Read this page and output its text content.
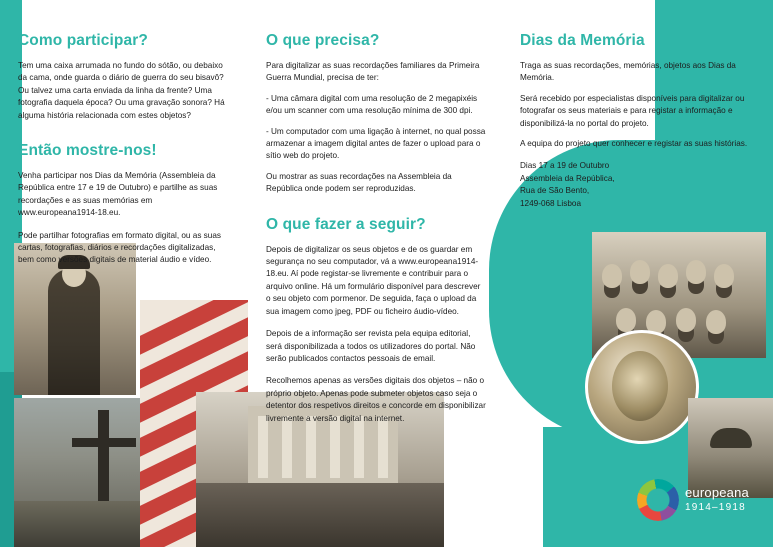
Como participar?

Tem uma caixa arrumada no fundo do sótão, ou debaixo da cama, onde guarda o diário de guerra do seu bisavô? Ou talvez uma carta enviada da linha da frente? Uma fotografia daquela época? Ou uma gravação sonora? Há alguma história relacionada com estes objetos?

Então mostre-nos!

Venha participar nos Dias da Memória (Assembleia da República entre 17 e 19 de Outubro) e partilhe as suas recordações e as suas memórias em www.europeana1914-18.eu.

Pode partilhar fotografias em formato digital, ou as suas cartas, fotografias, diários e recordações digitalizadas, bem como versões digitais de material áudio e vídeo.

O que precisa?

Para digitalizar as suas recordações familiares da Primeira Guerra Mundial, precisa de ter:

- Uma câmara digital com uma resolução de 2 megapixéis e/ou um scanner com uma resolução mínima de 300 dpi.

- Um computador com uma ligação à internet, no qual possa armazenar a imagem digital antes de fazer o upload para o sítio web do projeto.

Ou mostrar as suas recordações na Assembleia da República onde podem ser reproduzidas.

O que fazer a seguir?

Depois de digitalizar os seus objetos e de os guardar em segurança no seu computador, vá a www.europeana1914-18.eu. Aí pode registar-se livremente e contribuir para o arquivo online. Há um formulário disponível para descrever o seu objeto com pormenor. De seguida, faça o upload da sua imagem como jpeg, PDF ou ficheiro áudio-vídeo.

Depois de a informação ser revista pela equipa editorial, será disponibilizada a todos os utilizadores do portal. Não serão publicados contactos pessoais de email.

Recolhemos apenas as versões digitais dos objetos – não o próprio objeto. Apenas pode submeter objetos caso seja o detentor dos respetivos direitos e concorde em disponibilizar livremente a versão digital na internet.

Dias da Memória

Traga as suas recordações, memórias, objetos aos Dias da Memória.

Será recebido por especialistas disponíveis para digitalizar ou fotografar os seus materiais e para registar a informação e disponibilizá-la no portal do projeto.

A equipa do projeto quer conhecer e registar as suas histórias.

Dias 17 a 19 de Outubro

Assembleia da República,

Rua de São Bento,

1249-068 Lisboa

europeana
1914–1918
